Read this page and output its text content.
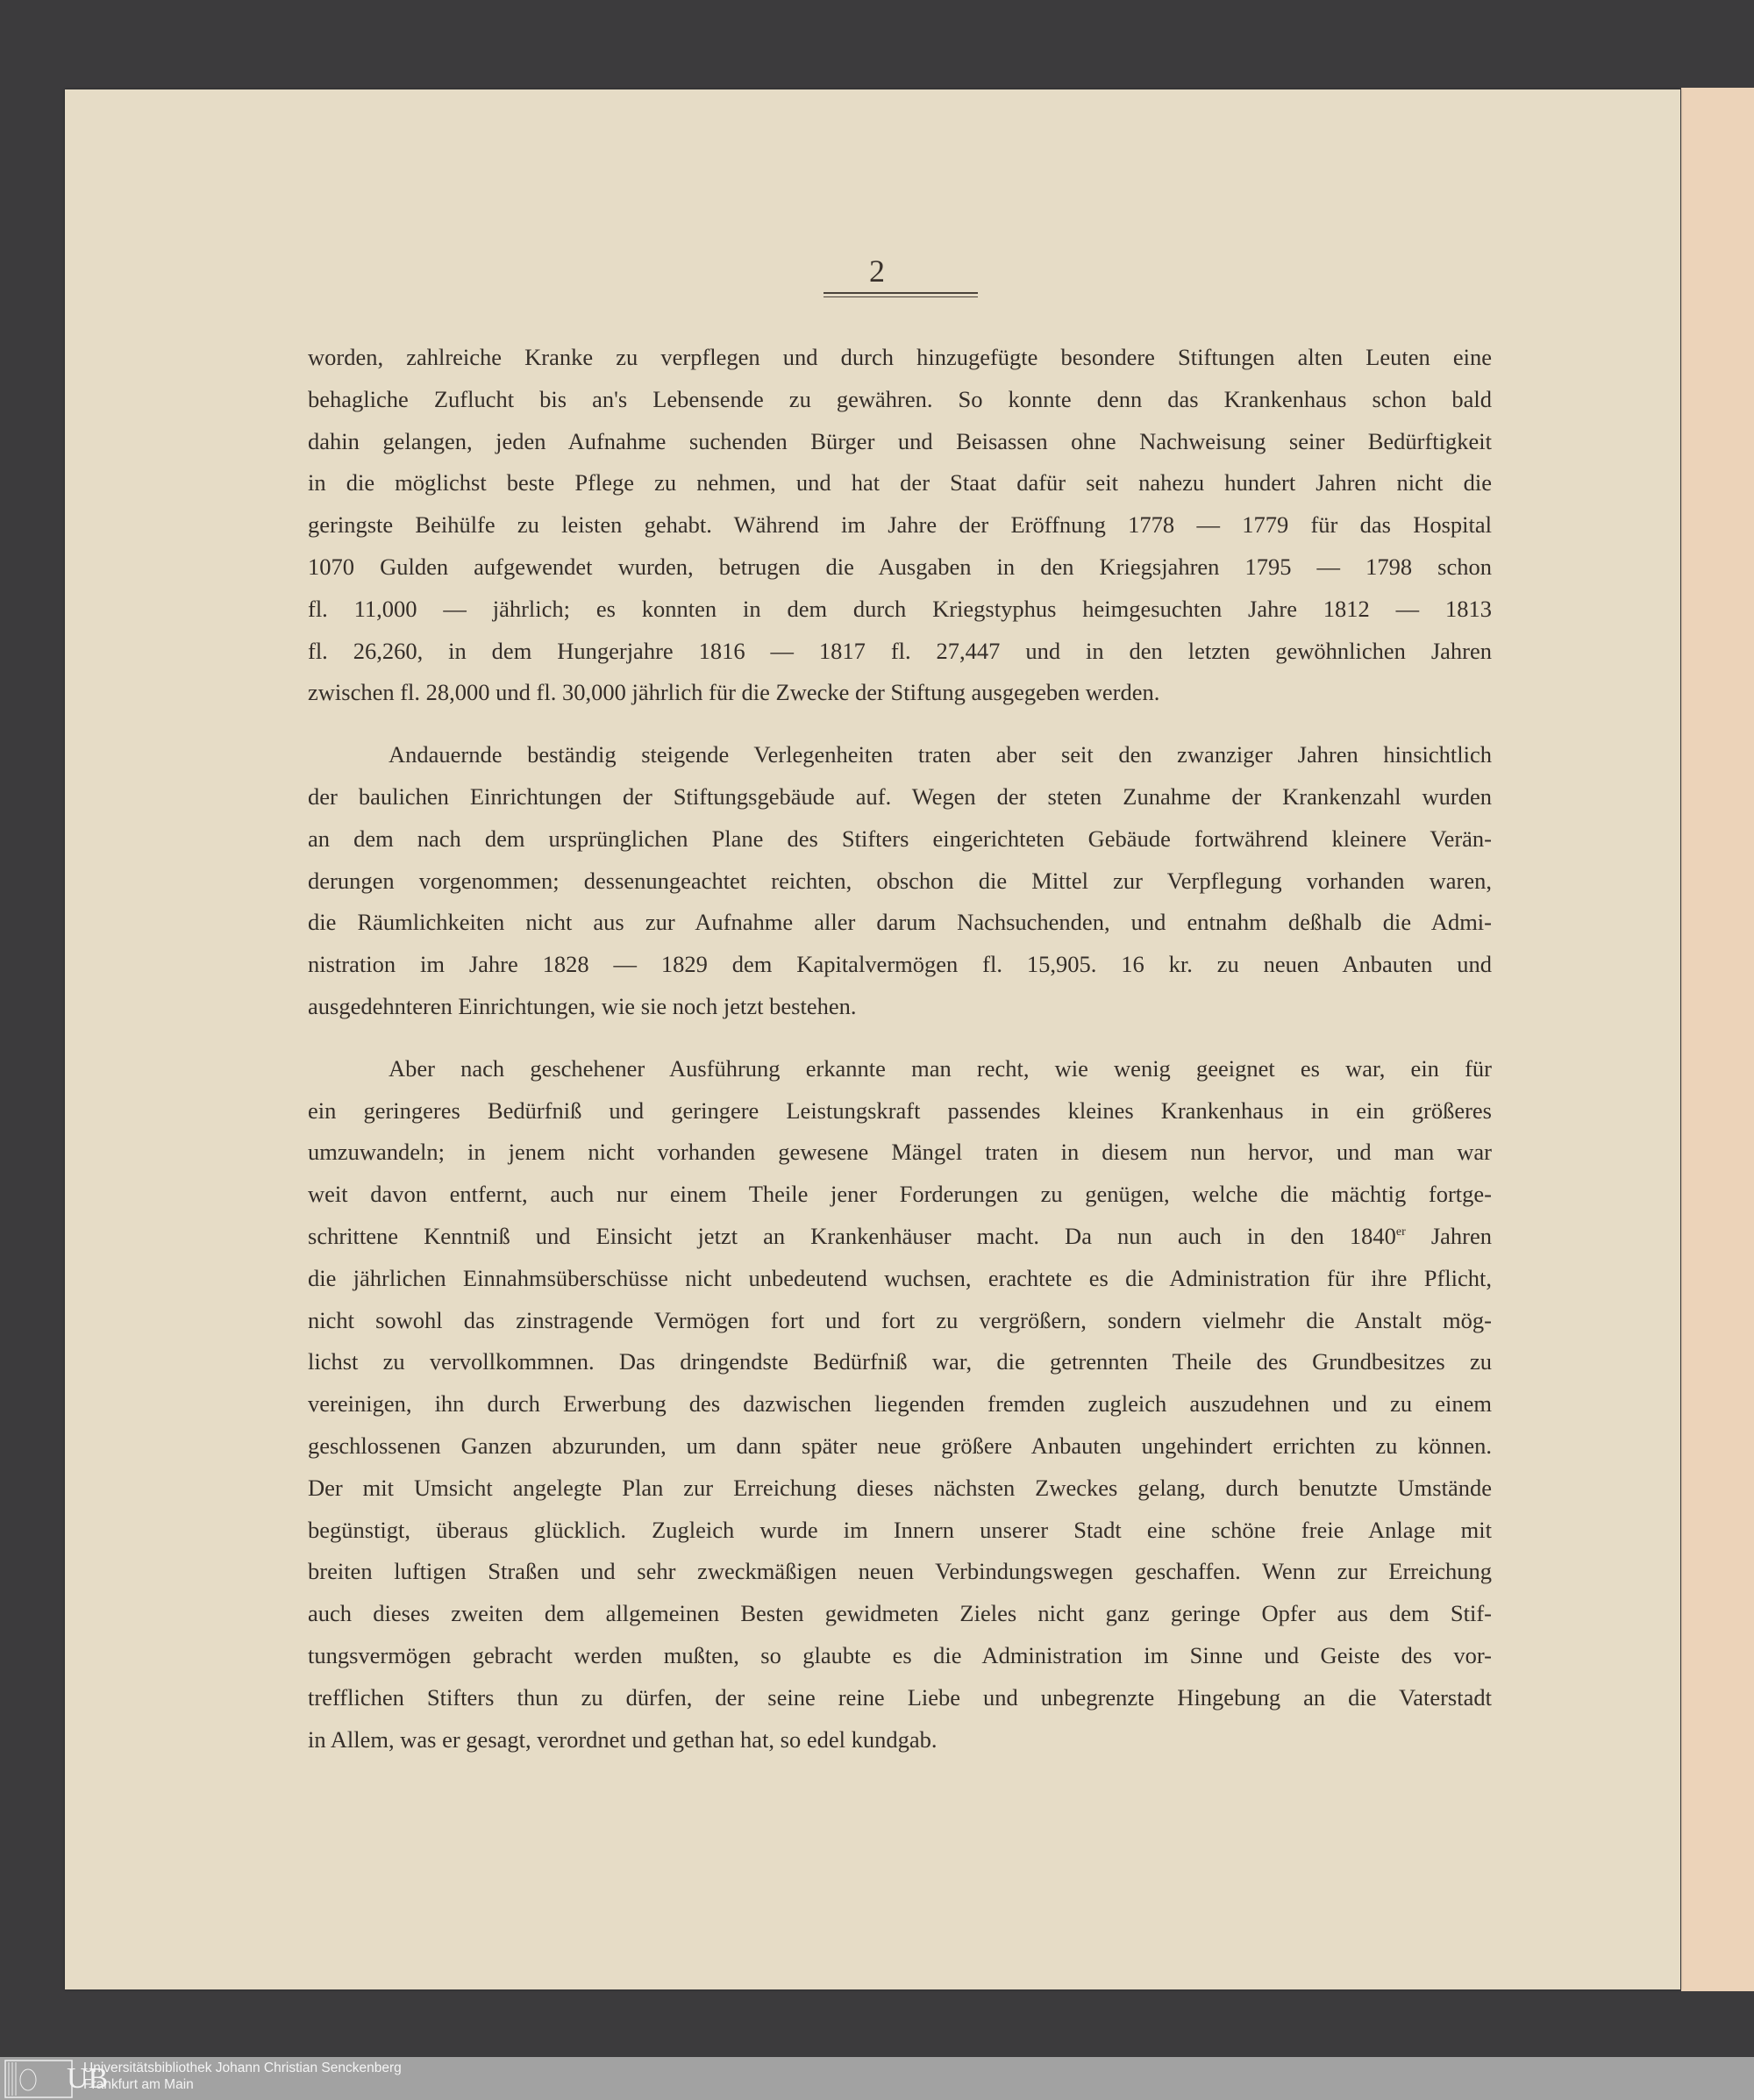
2
worden, zahlreiche Kranke zu verpflegen und durch hinzugefügte besondere Stiftungen alten Leuten eine
behagliche Zuflucht bis an's Lebensende zu gewähren. So konnte denn das Krankenhaus schon bald
dahin gelangen, jeden Aufnahme suchenden Bürger und Beisassen ohne Nachweisung seiner Bedürftigkeit
in die möglichst beste Pflege zu nehmen, und hat der Staat dafür seit nahezu hundert Jahren nicht die
geringste Beihülfe zu leisten gehabt. Während im Jahre der Eröffnung 1778 — 1779 für das Hospital
1070 Gulden aufgewendet wurden, betrugen die Ausgaben in den Kriegsjahren 1795 — 1798 schon
fl. 11,000 — jährlich; es konnten in dem durch Kriegstyphus heimgesuchten Jahre 1812 — 1813
fl. 26,260, in dem Hungerjahre 1816 — 1817 fl. 27,447 und in den letzten gewöhnlichen Jahren
zwischen fl. 28,000 und fl. 30,000 jährlich für die Zwecke der Stiftung ausgegeben werden.
Andauernde beständig steigende Verlegenheiten traten aber seit den zwanziger Jahren hinsichtlich
der baulichen Einrichtungen der Stiftungsgebäude auf. Wegen der steten Zunahme der Krankenzahl wurden
an dem nach dem ursprünglichen Plane des Stifters eingerichteten Gebäude fortwährend kleinere Verän-
derungen vorgenommen; dessenungeachtet reichten, obschon die Mittel zur Verpflegung vorhanden waren,
die Räumlichkeiten nicht aus zur Aufnahme aller darum Nachsuchenden, und entnahm deßhalb die Admi-
nistration im Jahre 1828 — 1829 dem Kapitalvermögen fl. 15,905. 16 kr. zu neuen Anbauten und
ausgedehnteren Einrichtungen, wie sie noch jetzt bestehen.
Aber nach geschehener Ausführung erkannte man recht, wie wenig geeignet es war, ein für
ein geringeres Bedürfniß und geringere Leistungskraft passendes kleines Krankenhaus in ein größeres
umzuwandeln; in jenem nicht vorhanden gewesene Mängel traten in diesem nun hervor, und man war
weit davon entfernt, auch nur einem Theile jener Forderungen zu genügen, welche die mächtig fortge-
schrittene Kenntniß und Einsicht jetzt an Krankenhäuser macht. Da nun auch in den 1840er Jahren
die jährlichen Einnahmsüberschüsse nicht unbedeutend wuchsen, erachtete es die Administration für ihre Pflicht,
nicht sowohl das zinstragende Vermögen fort und fort zu vergrößern, sondern vielmehr die Anstalt mög-
lichst zu vervollkommnen. Das dringendste Bedürfniß war, die getrennten Theile des Grundbesitzes zu
vereinigen, ihn durch Erwerbung des dazwischen liegenden fremden zugleich auszudehnen und zu einem
geschlossenen Ganzen abzurunden, um dann später neue größere Anbauten ungehindert errichten zu können.
Der mit Umsicht angelegte Plan zur Erreichung dieses nächsten Zweckes gelang, durch benutzte Umstände
begünstigt, überaus glücklich. Zugleich wurde im Innern unserer Stadt eine schöne freie Anlage mit
breiten luftigen Straßen und sehr zweckmäßigen neuen Verbindungswegen geschaffen. Wenn zur Erreichung
auch dieses zweiten dem allgemeinen Besten gewidmeten Zieles nicht ganz geringe Opfer aus dem Stif-
tungsvermögen gebracht werden mußten, so glaubte es die Administration im Sinne und Geiste des vor-
trefflichen Stifters thun zu dürfen, der seine reine Liebe und unbegrenzte Hingebung an die Vaterstadt
in Allem, was er gesagt, verordnet und gethan hat, so edel kundgab.
UB
Universitätsbibliothek Johann Christian Senckenberg
Frankfurt am Main
